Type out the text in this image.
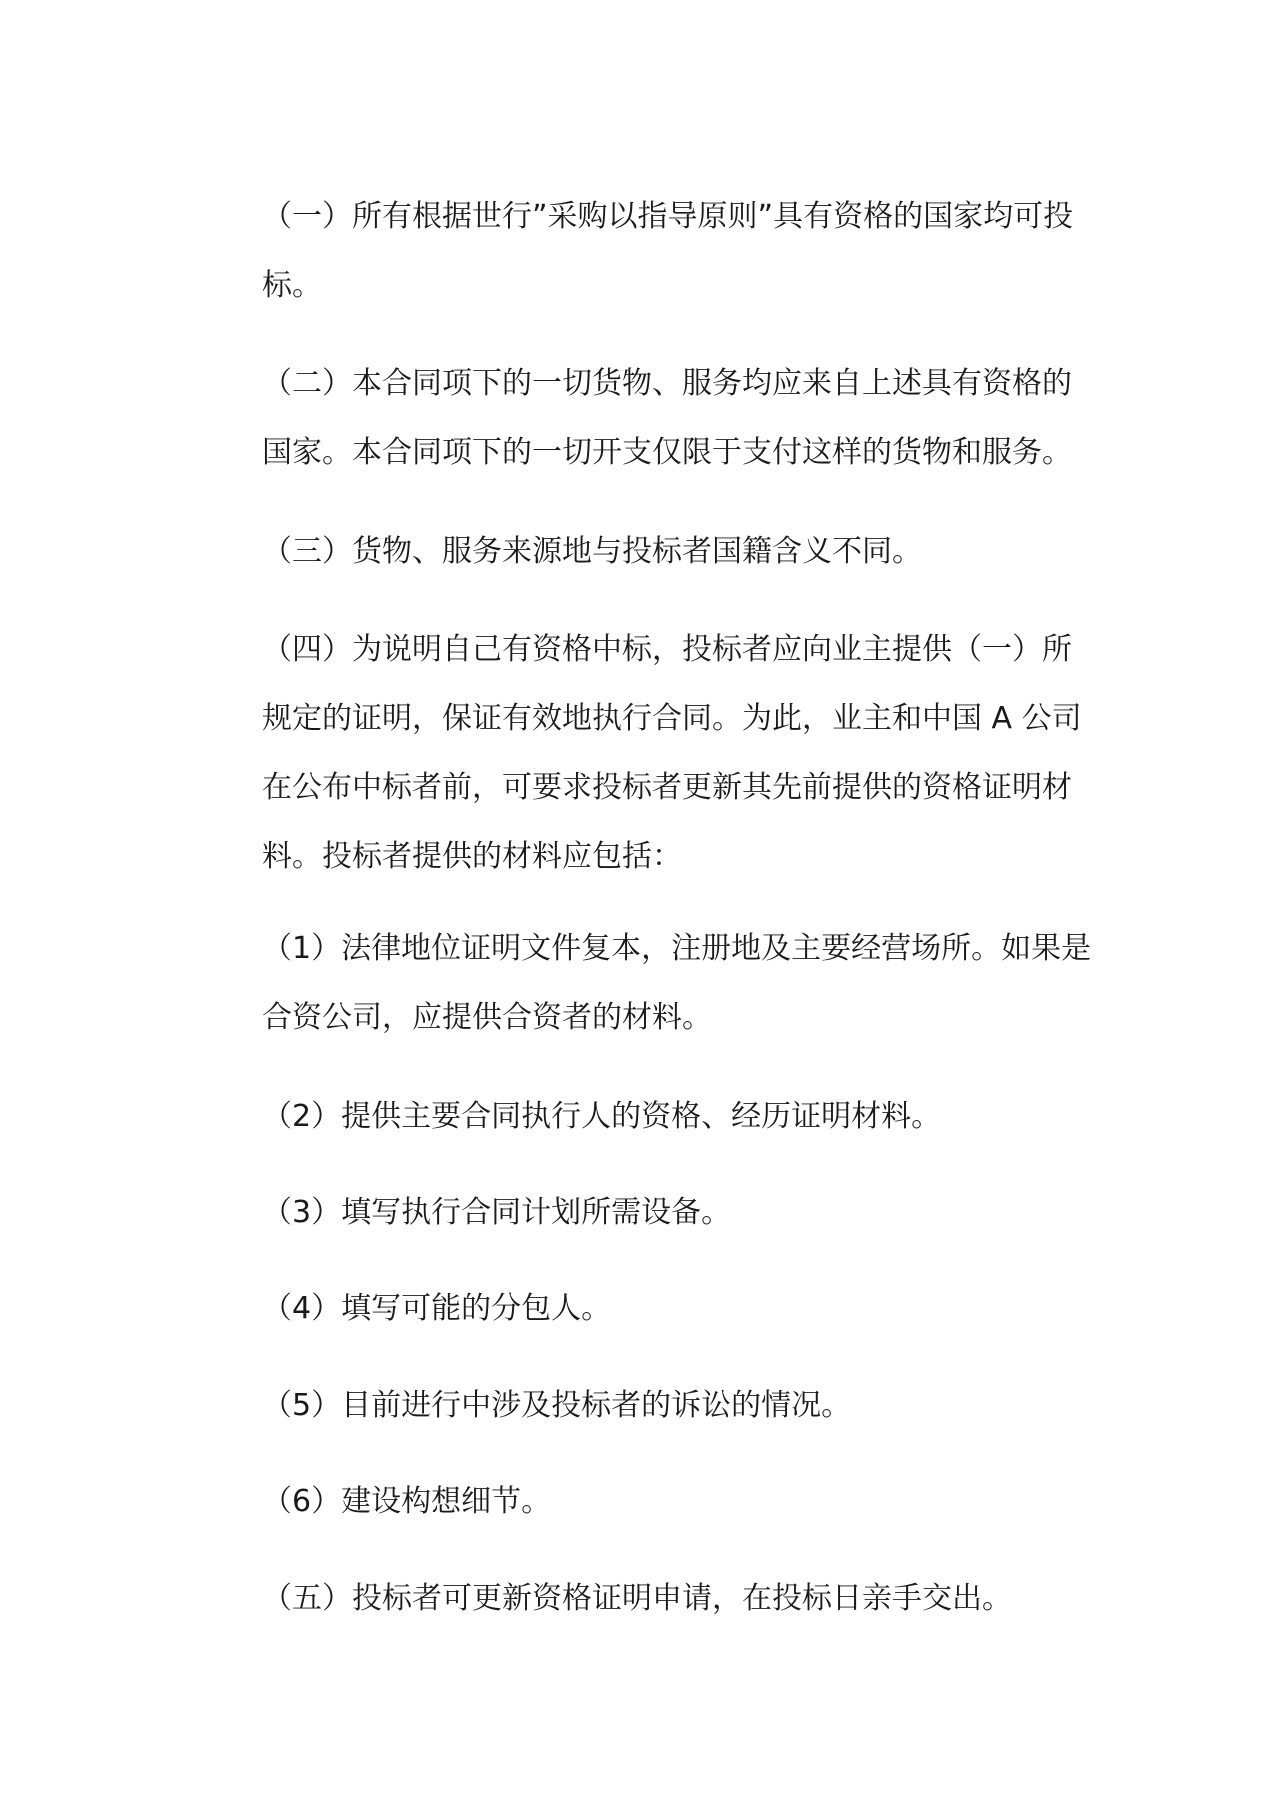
（一）所有根据世行”采购以指导原则”具有资格的国家均可投
标。

（二）本合同项下的一切货物、服务均应来自上述具有资格的
国家。本合同项下的一切开支仅限于支付这样的货物和服务。

（三）货物、服务来源地与投标者国籍含义不同。

（四）为说明自己有资格中标，投标者应向业主提供（一）所
规定的证明，保证有效地执行合同。为此，业主和中国 A 公司
在公布中标者前，可要求投标者更新其先前提供的资格证明材
料。投标者提供的材料应包括：

（1）法律地位证明文件复本，注册地及主要经营场所。如果是
合资公司，应提供合资者的材料。

（2）提供主要合同执行人的资格、经历证明材料。

（3）填写执行合同计划所需设备。

（4）填写可能的分包人。

（5）目前进行中涉及投标者的诉讼的情况。

（6）建设构想细节。

（五）投标者可更新资格证明申请，在投标日亲手交出。
